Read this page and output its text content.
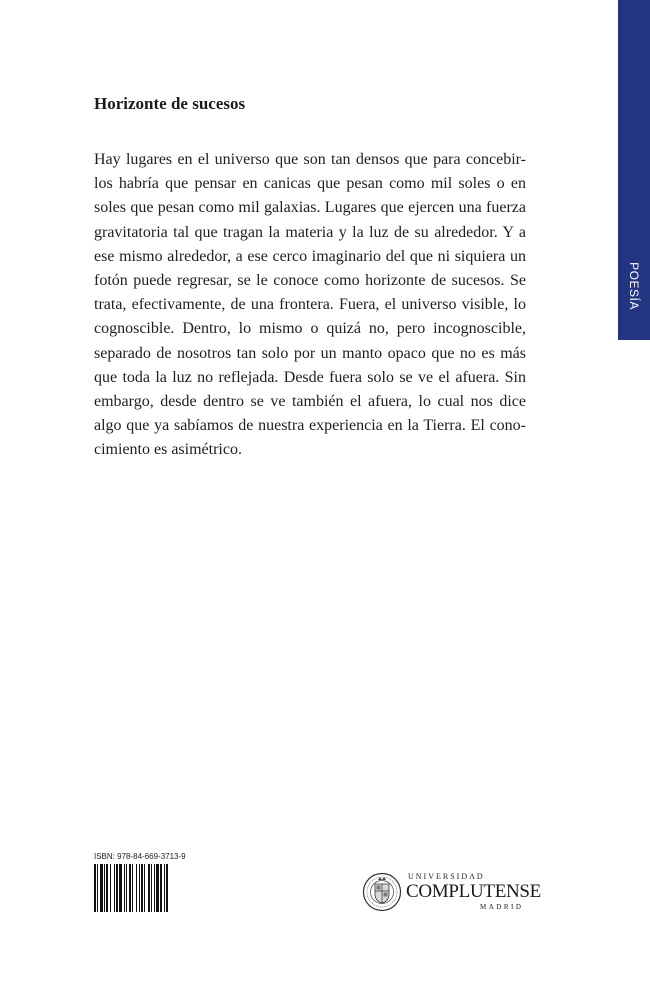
Horizonte de sucesos
Hay lugares en el universo que son tan densos que para concebir-
los habría que pensar en canicas que pesan como mil soles o en
soles que pesan como mil galaxias. Lugares que ejercen una fuerza
gravitatoria tal que tragan la materia y la luz de su alrededor. Y a
ese mismo alrededor, a ese cerco imaginario del que ni siquiera un
fotón puede regresar, se le conoce como horizonte de sucesos. Se
trata, efectivamente, de una frontera. Fuera, el universo visible, lo
cognoscible. Dentro, lo mismo o quizá no, pero incognoscible,
separado de nosotros tan solo por un manto opaco que no es más
que toda la luz no reflejada. Desde fuera solo se ve el afuera. Sin
embargo, desde dentro se ve también el afuera, lo cual nos dice
algo que ya sabíamos de nuestra experiencia en la Tierra. El cono-
cimiento es asimétrico.
POESÍA
ISBN: 978-84-669-3713-9
UNIVERSIDAD
COMPLUTENSE
MADRID
